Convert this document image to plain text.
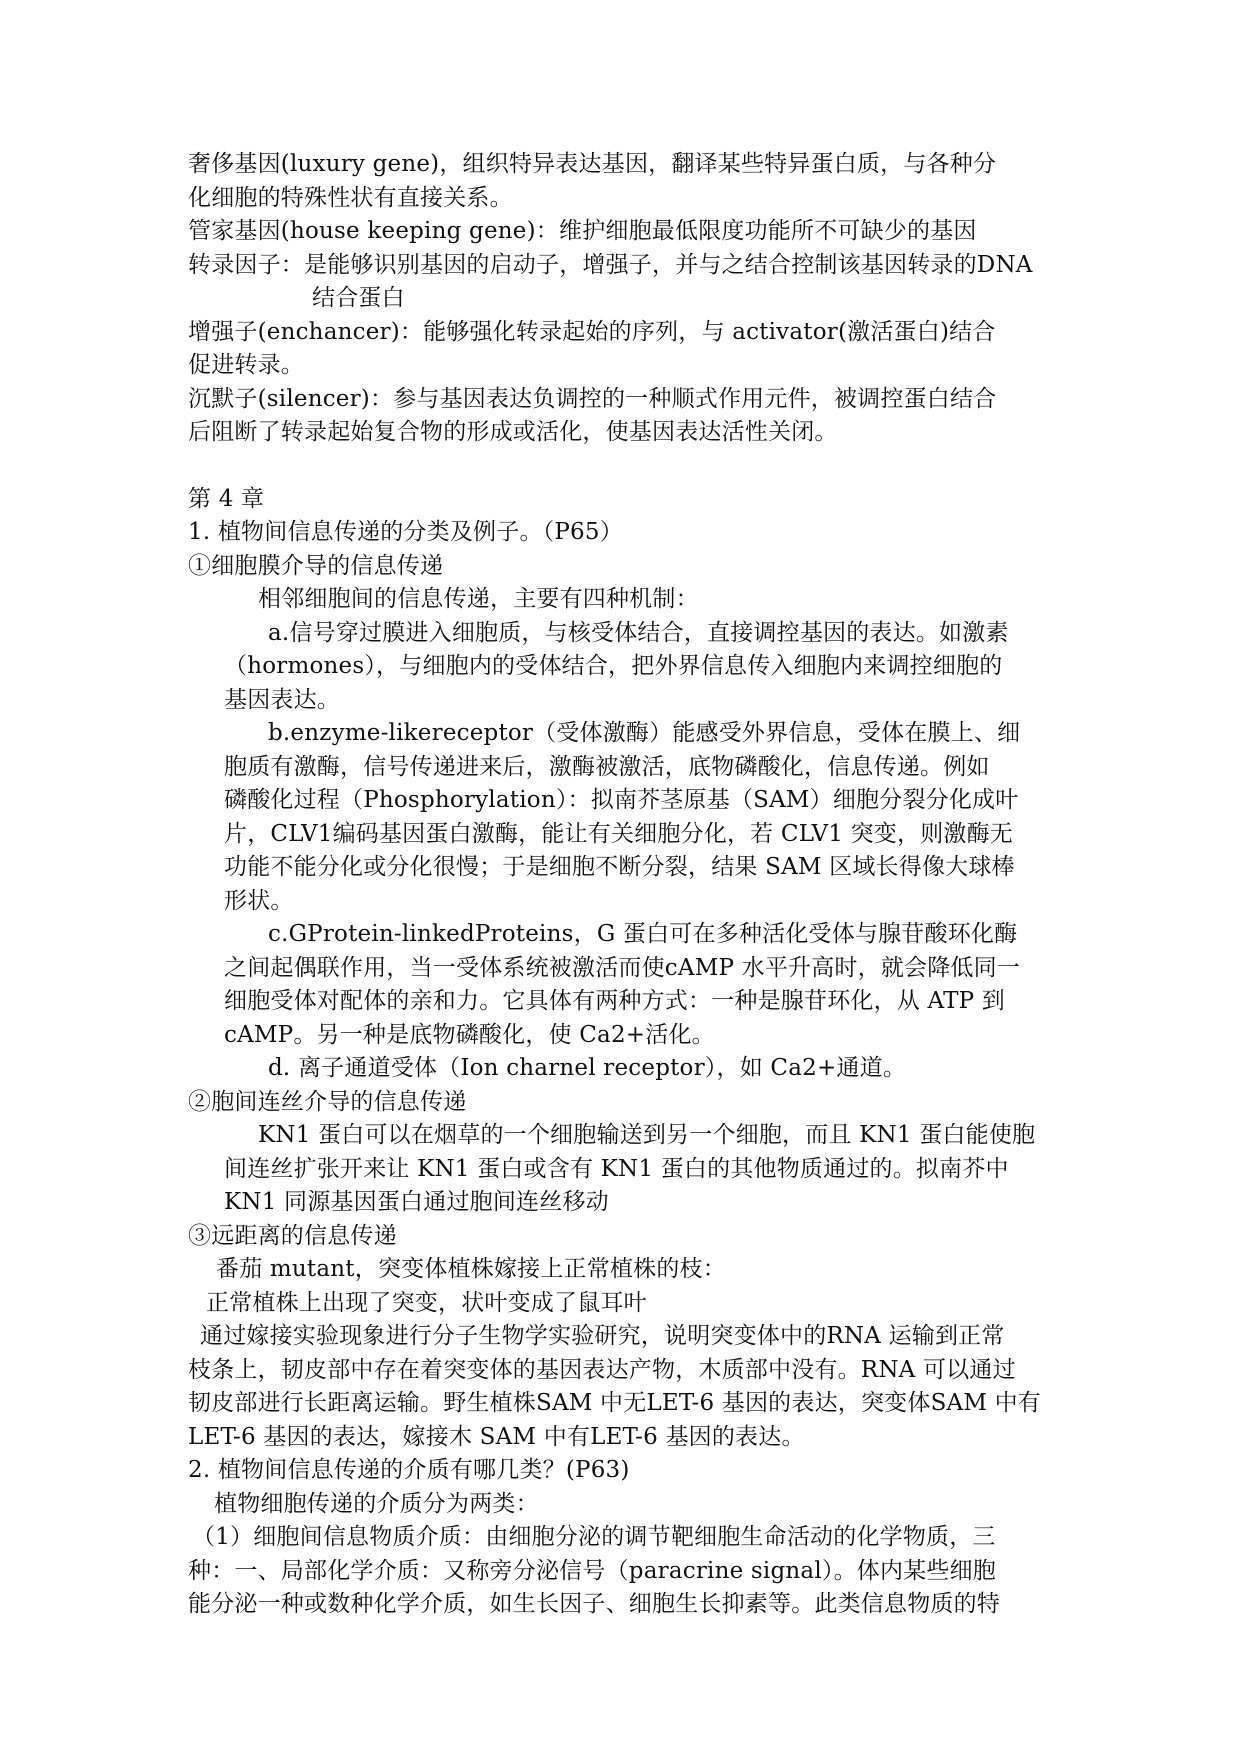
奢侈基因(luxury gene)，组织特异表达基因，翻译某些特异蛋白质，与各种分
化细胞的特殊性状有直接关系。
管家基因(house keeping gene)：维护细胞最低限度功能所不可缺少的基因
转录因子：是能够识别基因的启动子，增强子，并与之结合控制该基因转录的DNA
结合蛋白
增强子(enchancer)：能够强化转录起始的序列，与 activator(激活蛋白)结合
促进转录。
沉默子(silencer)：参与基因表达负调控的一种顺式作用元件，被调控蛋白结合
后阻断了转录起始复合物的形成或活化，使基因表达活性关闭。
第 4 章
1. 植物间信息传递的分类及例子。（P65）
①细胞膜介导的信息传递
相邻细胞间的信息传递，主要有四种机制：
a.信号穿过膜进入细胞质，与核受体结合，直接调控基因的表达。如激素
（hormones），与细胞内的受体结合，把外界信息传入细胞内来调控细胞的
基因表达。
b.enzyme-likereceptor（受体激酶）能感受外界信息，受体在膜上、细
胞质有激酶，信号传递进来后，激酶被激活，底物磷酸化，信息传递。例如
磷酸化过程（Phosphorylation）：拟南芥茎原基（SAM）细胞分裂分化成叶
片，CLV1编码基因蛋白激酶，能让有关细胞分化，若 CLV1 突变，则激酶无
功能不能分化或分化很慢；于是细胞不断分裂，结果 SAM 区域长得像大球棒
形状。
c.GProtein-linkedProteins，G 蛋白可在多种活化受体与腺苷酸环化酶
之间起偶联作用，当一受体系统被激活而使cAMP 水平升高时，就会降低同一
细胞受体对配体的亲和力。它具体有两种方式：一种是腺苷环化，从 ATP 到
cAMP。另一种是底物磷酸化，使 Ca2+活化。
d. 离子通道受体（Ion charnel receptor），如 Ca2+通道。
②胞间连丝介导的信息传递
KN1 蛋白可以在烟草的一个细胞输送到另一个细胞，而且 KN1 蛋白能使胞
间连丝扩张开来让 KN1 蛋白或含有 KN1 蛋白的其他物质通过的。拟南芥中
KN1 同源基因蛋白通过胞间连丝移动
③远距离的信息传递
番茄 mutant，突变体植株嫁接上正常植株的枝：
正常植株上出现了突变，状叶变成了鼠耳叶
通过嫁接实验现象进行分子生物学实验研究，说明突变体中的RNA 运输到正常
枝条上，韧皮部中存在着突变体的基因表达产物，木质部中没有。RNA 可以通过
韧皮部进行长距离运输。野生植株SAM 中无LET-6 基因的表达，突变体SAM 中有
LET-6 基因的表达，嫁接木 SAM 中有LET-6 基因的表达。
2. 植物间信息传递的介质有哪几类？(P63)
植物细胞传递的介质分为两类：
（1）细胞间信息物质介质：由细胞分泌的调节靶细胞生命活动的化学物质，三
种：一、局部化学介质：又称旁分泌信号（paracrine signal）。体内某些细胞
能分泌一种或数种化学介质，如生长因子、细胞生长抑素等。此类信息物质的特
